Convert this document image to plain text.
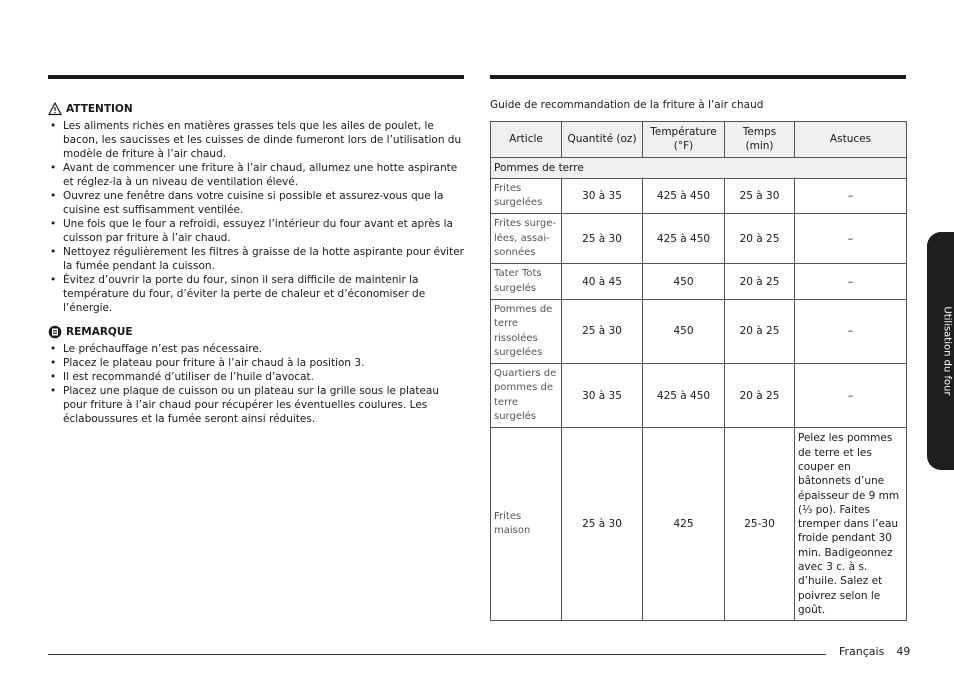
ATTENTION
• Les aliments riches en matières grasses tels que les ailes de poulet, le bacon, les saucisses et les cuisses de dinde fumeront lors de l’utilisation du modèle de friture à l’air chaud.
• Avant de commencer une friture à l’air chaud, allumez une hotte aspirante et réglez-la à un niveau de ventilation élevé.
• Ouvrez une fenêtre dans votre cuisine si possible et assurez-vous que la cuisine est suffisamment ventilée.
• Une fois que le four a refroidi, essuyez l’intérieur du four avant et après la cuisson par friture à l’air chaud.
• Nettoyez régulièrement les filtres à graisse de la hotte aspirante pour éviter la fumée pendant la cuisson.
• Évitez d’ouvrir la porte du four, sinon il sera difficile de maintenir la température du four, d’éviter la perte de chaleur et d’économiser de l’énergie.
REMARQUE
• Le préchauffage n’est pas nécessaire.
• Placez le plateau pour friture à l’air chaud à la position 3.
• Il est recommandé d’utiliser de l’huile d’avocat.
• Placez une plaque de cuisson ou un plateau sur la grille sous le plateau pour friture à l’air chaud pour récupérer les éventuelles coulures. Les éclaboussures et la fumée seront ainsi réduites.
Guide de recommandation de la friture à l’air chaud
Article	Quantité (oz)	Température (°F)	Temps (min)	Astuces
Pommes de terre				
Frites surgelées	30 à 35	425 à 450	25 à 30	–
Frites surge-lées, assai-sonnées	25 à 30	425 à 450	20 à 25	–
Tater Tots surgelés	40 à 45	450	20 à 25	–
Pommes de terre rissolées surgelées	25 à 30	450	20 à 25	–
Quartiers de pommes de terre surgelés	30 à 35	425 à 450	20 à 25	–
Frites maison	25 à 30	425	25-30	Pelez les pommes de terre et les couper en bâtonnets d’une épaisseur de 9 mm (⅓ po). Faites tremper dans l’eau froide pendant 30 min. Badigeonnez avec 3 c. à s. d’huile. Salez et poivrez selon le goût.
Utilisation du four
Français 49
